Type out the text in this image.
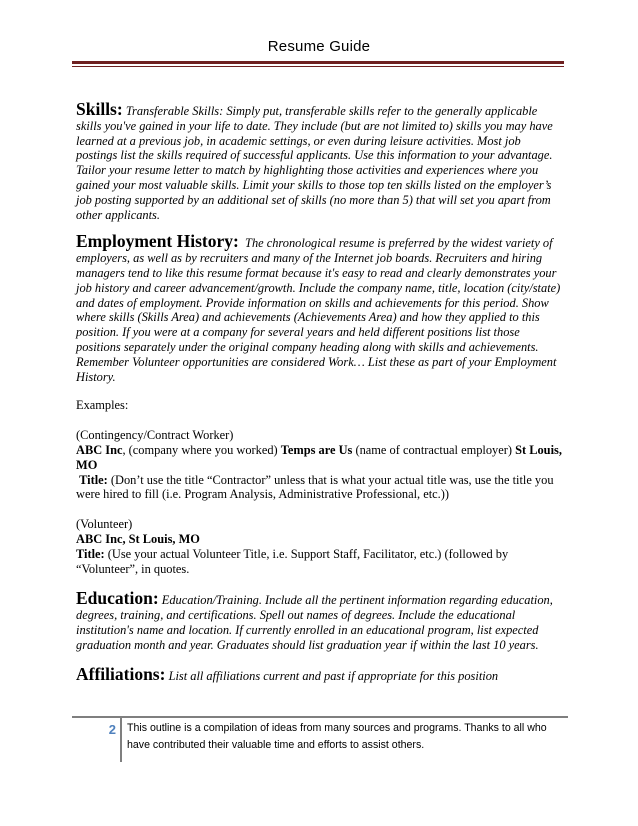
Resume Guide

Skills: Transferable Skills: Simply put, transferable skills refer to the generally applicable skills you've gained in your life to date. They include (but are not limited to) skills you may have learned at a previous job, in academic settings, or even during leisure activities. Most job postings list the skills required of successful applicants. Use this information to your advantage. Tailor your resume letter to match by highlighting those activities and experiences where you gained your most valuable skills. Limit your skills to those top ten skills listed on the employer’s job posting supported by an additional set of skills (no more than 5) that will set you apart from other applicants.

Employment History: The chronological resume is preferred by the widest variety of employers, as well as by recruiters and many of the Internet job boards. Recruiters and hiring managers tend to like this resume format because it's easy to read and clearly demonstrates your job history and career advancement/growth. Include the company name, title, location (city/state) and dates of employment. Provide information on skills and achievements for this period. Show where skills (Skills Area) and achievements (Achievements Area) and how they applied to this position. If you were at a company for several years and held different positions list those positions separately under the original company heading along with skills and achievements. Remember Volunteer opportunities are considered Work… List these as part of your Employment History.

Examples:

(Contingency/Contract Worker)

ABC Inc, (company where you worked) Temps are Us (name of contractual employer) St Louis, MO

Title: (Don’t use the title “Contractor” unless that is what your actual title was, use the title you were hired to fill (i.e. Program Analysis, Administrative Professional, etc.))

(Volunteer)

ABC Inc, St Louis, MO

Title: (Use your actual Volunteer Title, i.e. Support Staff, Facilitator, etc.) (followed by “Volunteer”, in quotes.

Education: Education/Training. Include all the pertinent information regarding education, degrees, training, and certifications. Spell out names of degrees. Include the educational institution's name and location. If currently enrolled in an educational program, list expected graduation month and year. Graduates should list graduation year if within the last 10 years.

Affiliations: List all affiliations current and past if appropriate for this position

2 This outline is a compilation of ideas from many sources and programs. Thanks to all who have contributed their valuable time and efforts to assist others.
